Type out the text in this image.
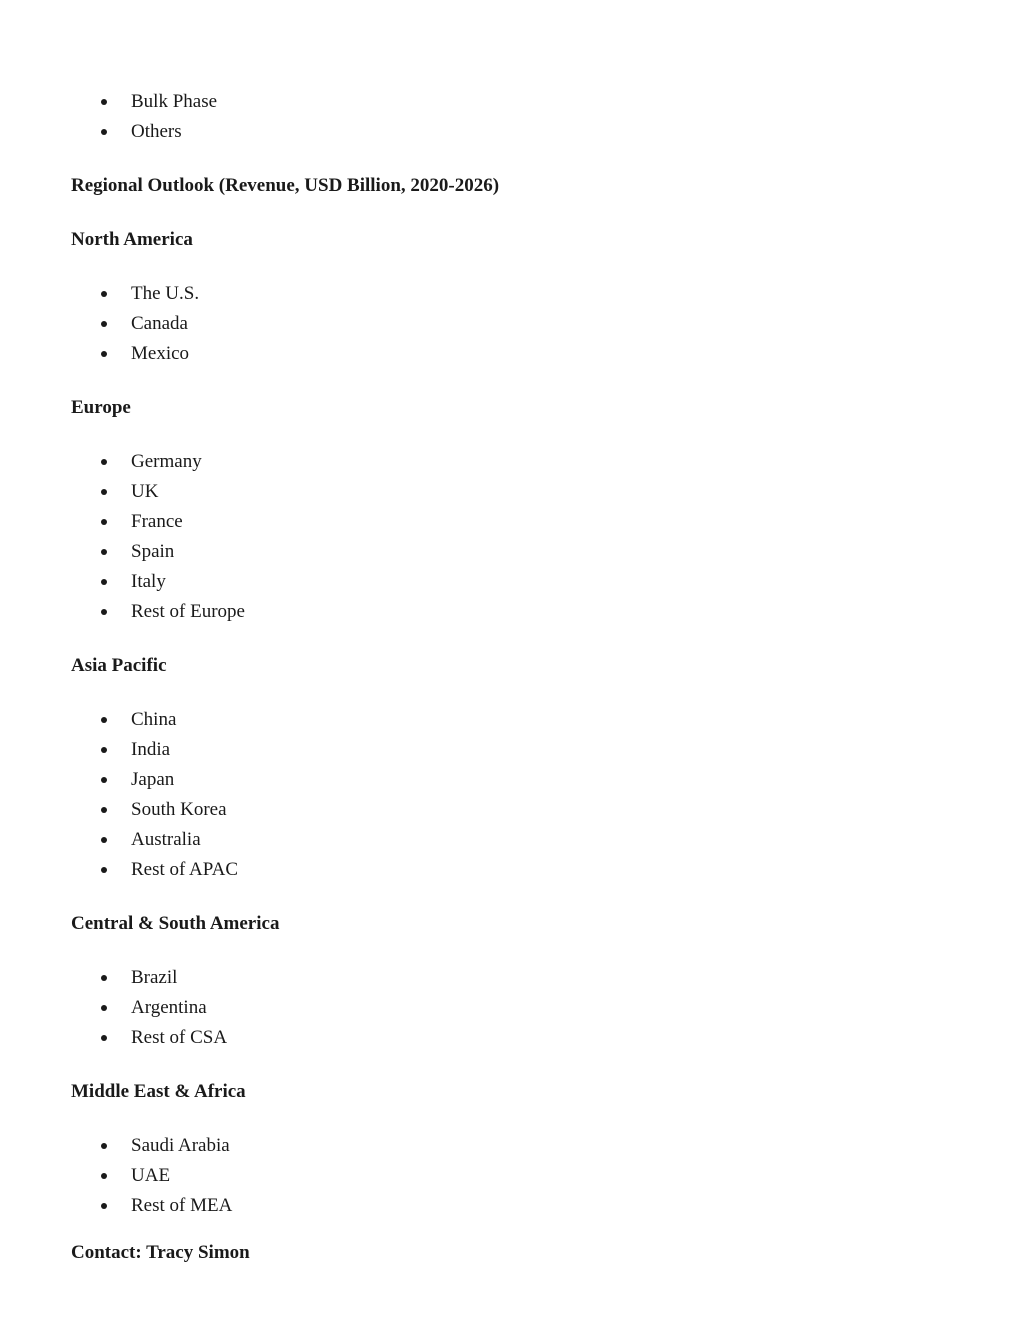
Bulk Phase
Others
Regional Outlook (Revenue, USD Billion, 2020-2026)
North America
The U.S.
Canada
Mexico
Europe
Germany
UK
France
Spain
Italy
Rest of Europe
Asia Pacific
China
India
Japan
South Korea
Australia
Rest of APAC
Central & South America
Brazil
Argentina
Rest of CSA
Middle East & Africa
Saudi Arabia
UAE
Rest of MEA
Contact: Tracy Simon
